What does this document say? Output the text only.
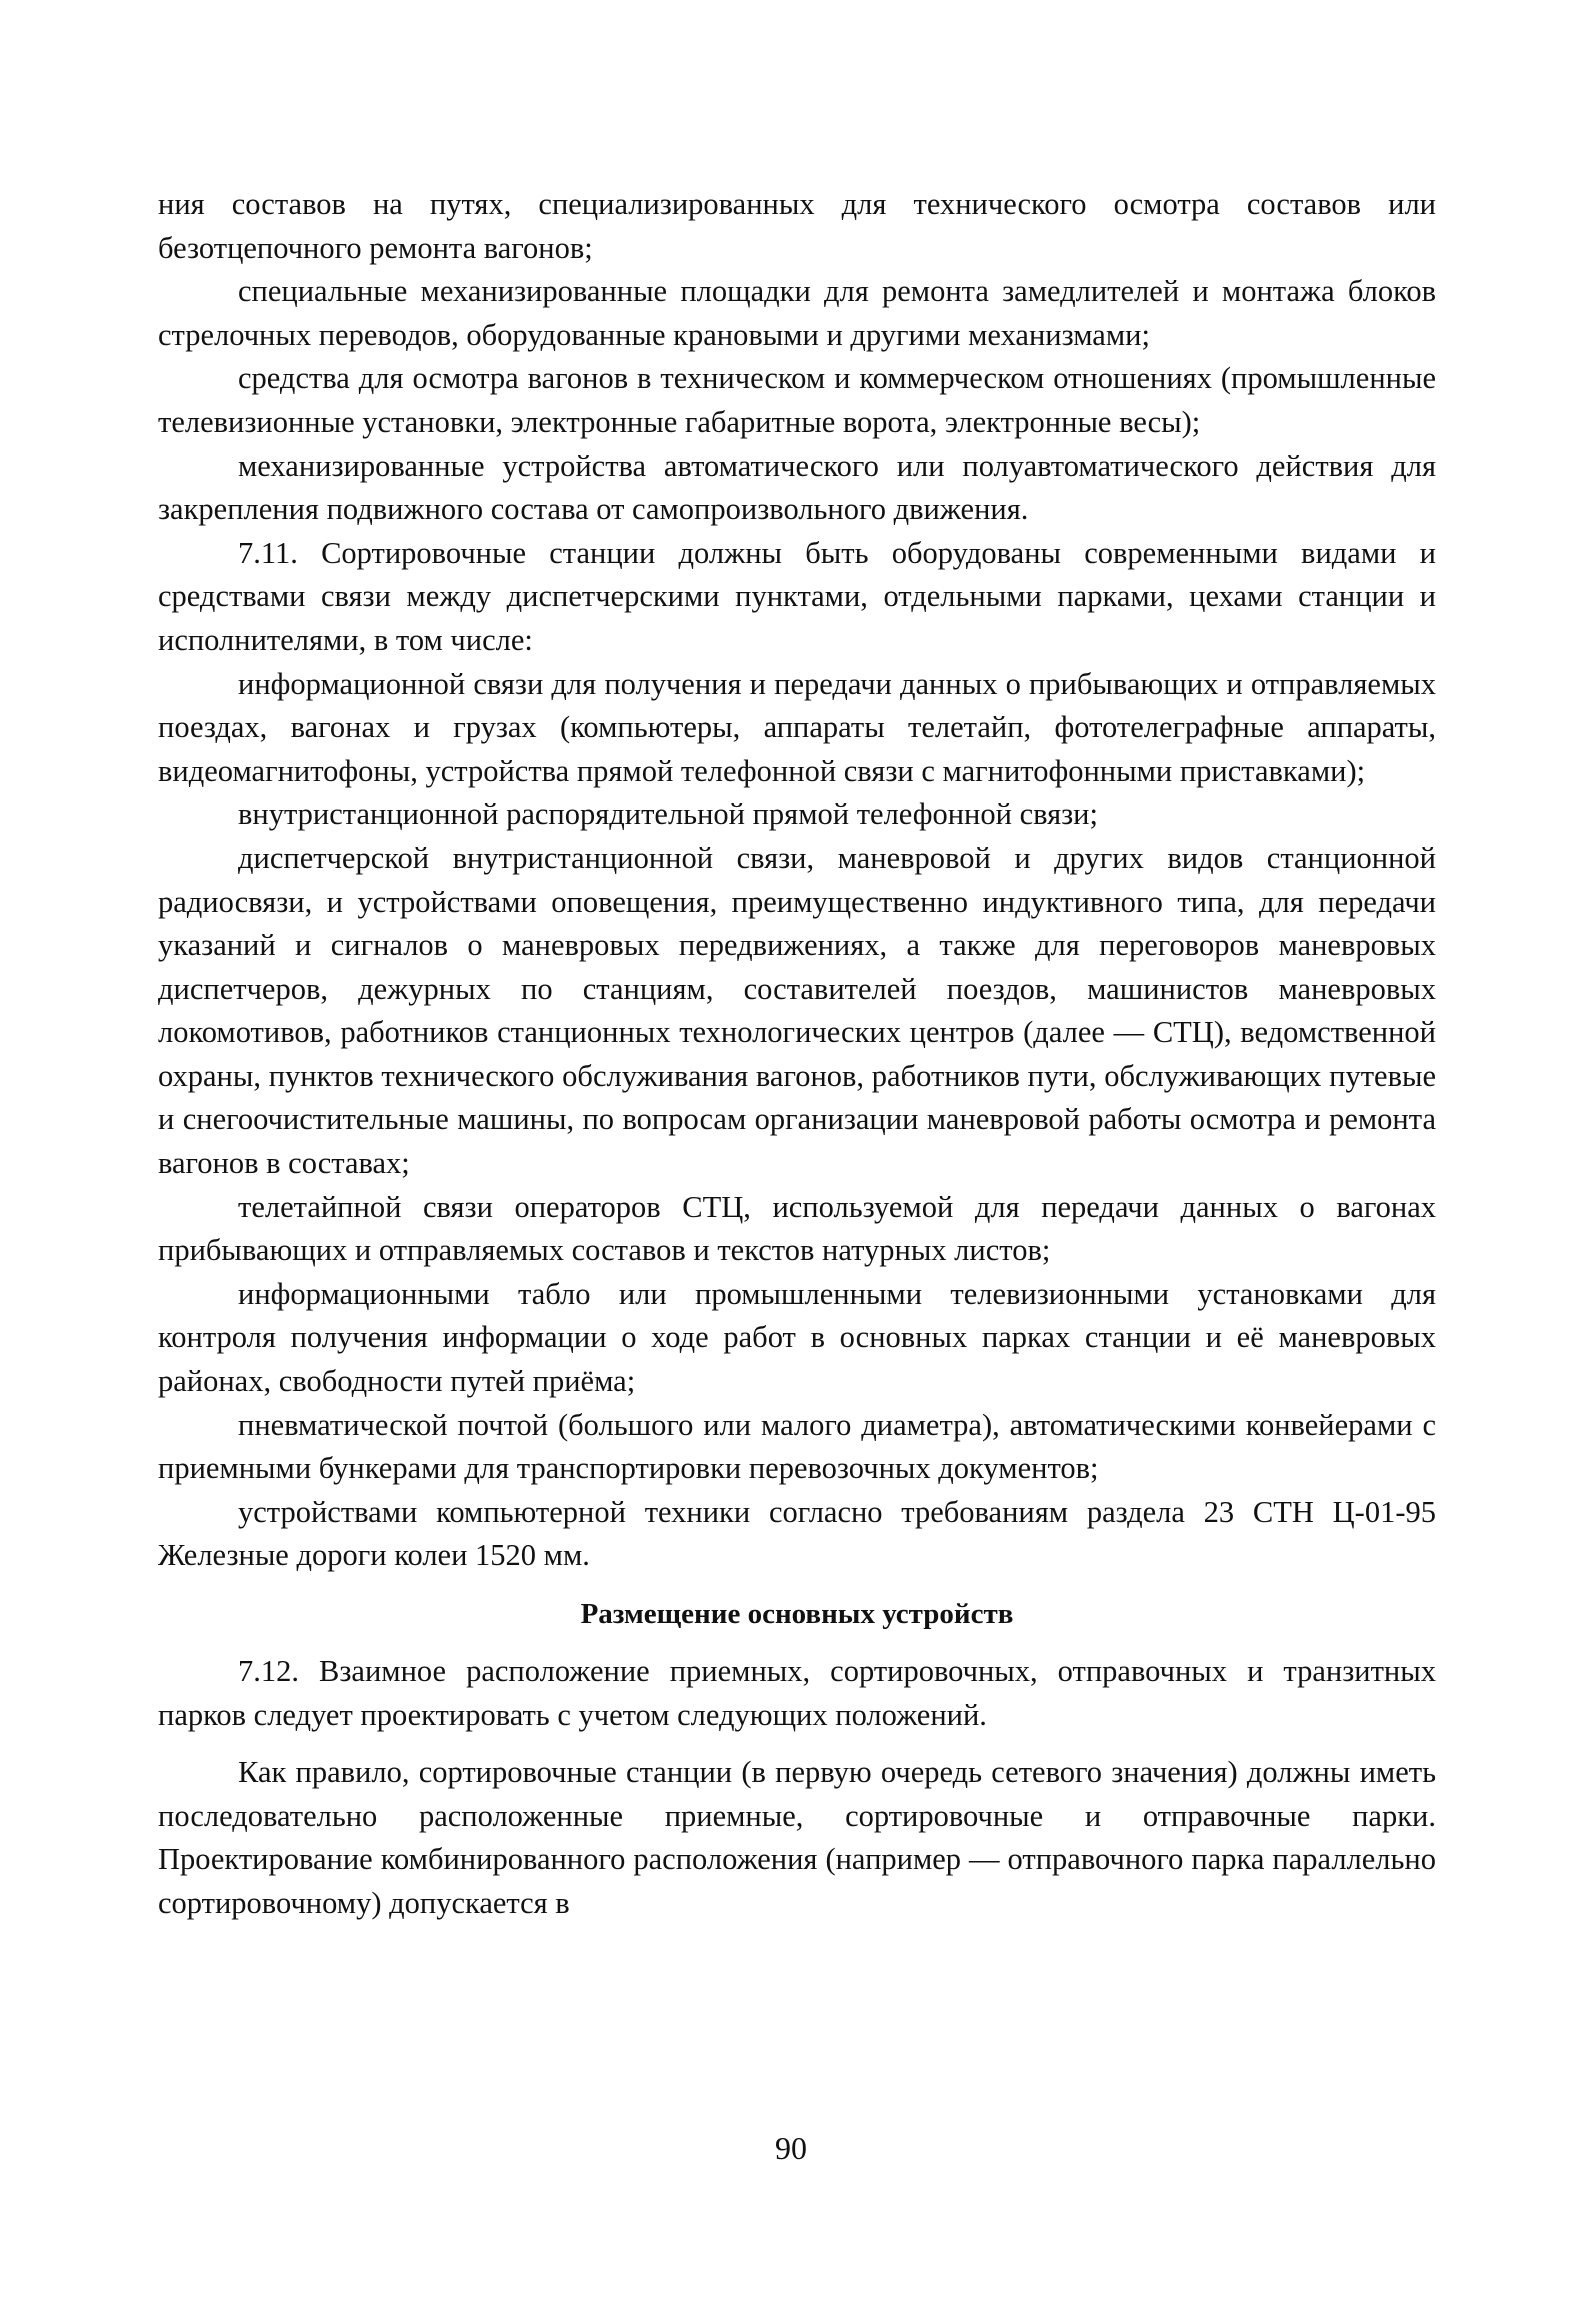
ния составов на путях, специализированных для технического осмотра составов или безотцепочного ремонта вагонов;

специальные механизированные площадки для ремонта замедлителей и монтажа блоков стрелочных переводов, оборудованные крановыми и другими механизмами;

средства для осмотра вагонов в техническом и коммерческом отношениях (промышленные телевизионные установки, электронные габаритные ворота, электронные весы);

механизированные устройства автоматического или полуавтоматического действия для закрепления подвижного состава от самопроизвольного движения.

7.11. Сортировочные станции должны быть оборудованы современными видами и средствами связи между диспетчерскими пунктами, отдельными парками, цехами станции и исполнителями, в том числе:

информационной связи для получения и передачи данных о прибывающих и отправляемых поездах, вагонах и грузах (компьютеры, аппараты телетайп, фототелеграфные аппараты, видеомагнитофоны, устройства прямой телефонной связи с магнитофонными приставками);

внутристанционной распорядительной прямой телефонной связи;

диспетчерской внутристанционной связи, маневровой и других видов станционной радиосвязи, и устройствами оповещения, преимущественно индуктивного типа, для передачи указаний и сигналов о маневровых передвижениях, а также для переговоров маневровых диспетчеров, дежурных по станциям, составителей поездов, машинистов маневровых локомотивов, работников станционных технологических центров (далее — СТЦ), ведомственной охраны, пунктов технического обслуживания вагонов, работников пути, обслуживающих путевые и снегоочистительные машины, по вопросам организации маневровой работы осмотра и ремонта вагонов в составах;

телетайпной связи операторов СТЦ, используемой для передачи данных о вагонах прибывающих и отправляемых составов и текстов натурных листов;

информационными табло или промышленными телевизионными установками для контроля получения информации о ходе работ в основных парках станции и её маневровых районах, свободности путей приёма;

пневматической почтой (большого или малого диаметра), автоматическими конвейерами с приемными бункерами для транспортировки перевозочных документов;

устройствами компьютерной техники согласно требованиям раздела 23 СТН Ц-01-95 Железные дороги колеи 1520 мм.

Размещение основных устройств

7.12. Взаимное расположение приемных, сортировочных, отправочных и транзитных парков следует проектировать с учетом следующих положений.

Как правило, сортировочные станции (в первую очередь сетевого значения) должны иметь последовательно расположенные приемные, сортировочные и отправочные парки. Проектирование комбинированного расположения (например — отправочного парка параллельно сортировочному) допускается в

90
